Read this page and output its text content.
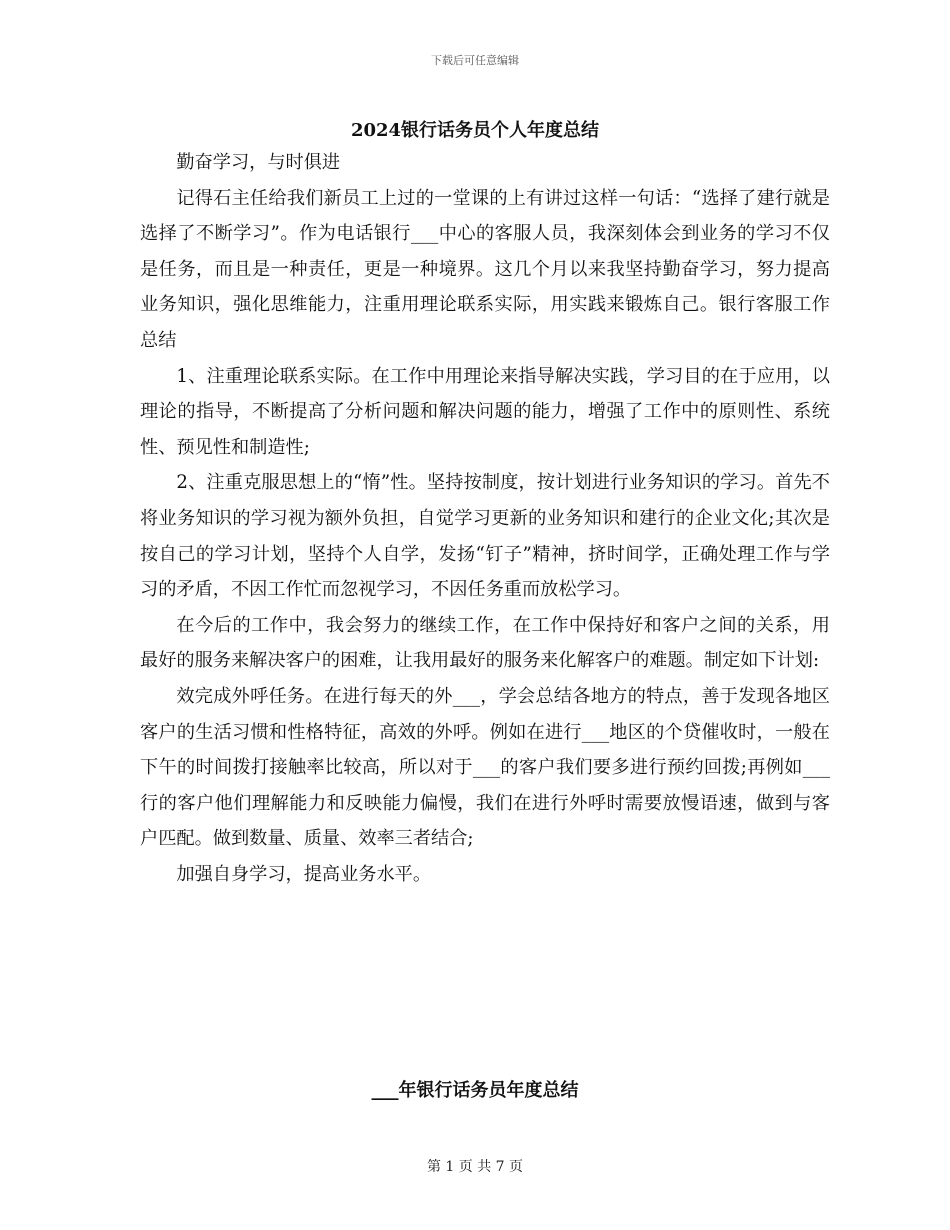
下载后可任意编辑
2024银行话务员个人年度总结

勤奋学习，与时俱进

记得石主任给我们新员工上过的一堂课的上有讲过这样一句话：“选择了建行就是选择了不断学习”。作为电话银行___中心的客服人员，我深刻体会到业务的学习不仅是任务，而且是一种责任，更是一种境界。这几个月以来我坚持勤奋学习，努力提高业务知识，强化思维能力，注重用理论联系实际，用实践来锻炼自己。银行客服工作总结

1、注重理论联系实际。在工作中用理论来指导解决实践，学习目的在于应用，以理论的指导，不断提高了分析问题和解决问题的能力，增强了工作中的原则性、系统性、预见性和制造性;

2、注重克服思想上的“惰”性。坚持按制度，按计划进行业务知识的学习。首先不将业务知识的学习视为额外负担，自觉学习更新的业务知识和建行的企业文化;其次是按自己的学习计划，坚持个人自学，发扬“钉子”精神，挤时间学，正确处理工作与学习的矛盾，不因工作忙而忽视学习，不因任务重而放松学习。

在今后的工作中，我会努力的继续工作，在工作中保持好和客户之间的关系，用最好的服务来解决客户的困难，让我用最好的服务来化解客户的难题。制定如下计划:

效完成外呼任务。在进行每天的外___，学会总结各地方的特点，善于发现各地区客户的生活习惯和性格特征，高效的外呼。例如在进行___地区的个贷催收时，一般在下午的时间拨打接触率比较高，所以对于___的客户我们要多进行预约回拨;再例如___行的客户他们理解能力和反映能力偏慢，我们在进行外呼时需要放慢语速，做到与客户匹配。做到数量、质量、效率三者结合;

加强自身学习，提高业务水平。

___年银行话务员年度总结
第 1 页 共 7 页
